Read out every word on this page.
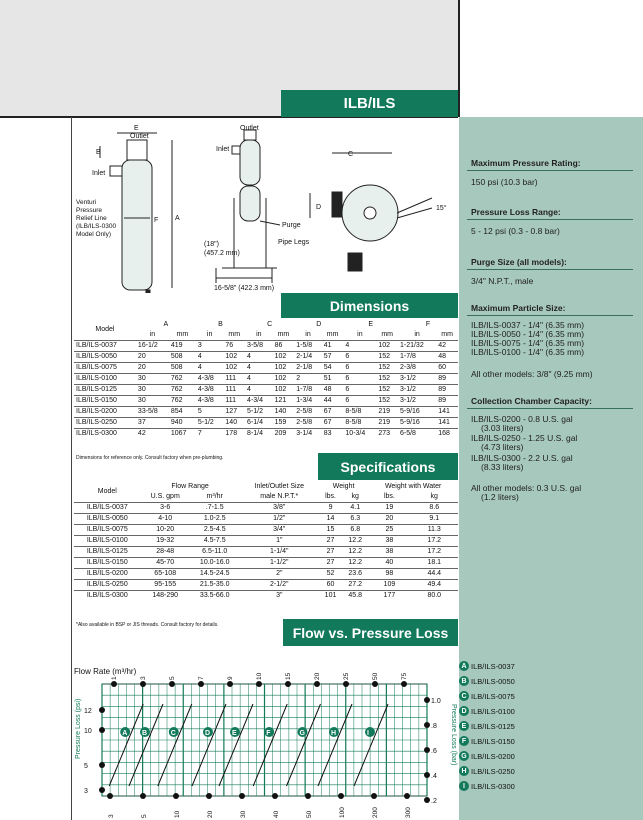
ILB/ILS
Dimensions
Specifications
Flow vs. Pressure Loss
Outlet
E
B
Inlet
Venturi
Pressure
Relief Line
(ILB/ILS-0300
Model Only)
F A
Outlet
Inlet
Purge
Pipe Legs
(18")
(457.2 mm)
16-5/8" (422.3 mm)
C
D	15°
Model	A		B		C		D		E		F	
	in	mm	in	mm	in	mm	in	mm	in	mm	in	mm
ILB/ILS-0037	16-1/2	419	3	76	3-5/8	86	1-5/8	41	4	102	1-21/32	42
ILB/ILS-0050	20	508	4	102	4	102	2-1/4	57	6	152	1-7/8	48
ILB/ILS-0075	20	508	4	102	4	102	2-1/8	54	6	152	2-3/8	60
ILB/ILS-0100	30	762	4-3/8	111	4	102	2	51	6	152	3-1/2	89
ILB/ILS-0125	30	762	4-3/8	111	4	102	1-7/8	48	6	152	3-1/2	89
ILB/ILS-0150	30	762	4-3/8	111	4-3/4	121	1-3/4	44	6	152	3-1/2	89
ILB/ILS-0200	33-5/8	854	5	127	5-1/2	140	2-5/8	67	8-5/8	219	5-9/16	141
ILB/ILS-0250	37	940	5-1/2	140	6-1/4	159	2-5/8	67	8-5/8	219	5-9/16	141
ILB/ILS-0300	42	1067	7	178	8-1/4	209	3-1/4	83	10-3/4	273	6-5/8	168
Dimensions for reference only. Consult factory when pre-plumbing.
Model	Flow Range		Inlet/Outlet Size	Weight		Weight with Water	
	U.S. gpm	m³/hr	male N.P.T.*	lbs.	kg	lbs.	kg
ILB/ILS-0037	3-6	.7-1.5	3/8"	9	4.1	19	8.6
ILB/ILS-0050	4-10	1.0-2.5	1/2"	14	6.3	20	9.1
ILB/ILS-0075	10-20	2.5-4.5	3/4"	15	6.8	25	11.3
ILB/ILS-0100	19-32	4.5-7.5	1"	27	12.2	38	17.2
ILB/ILS-0125	28-48	6.5-11.0	1-1/4"	27	12.2	38	17.2
ILB/ILS-0150	45-70	10.0-16.0	1-1/2"	27	12.2	40	18.1
ILB/ILS-0200	65-108	14.5-24.5	2"	52	23.6	98	44.4
ILB/ILS-0250	95-155	21.5-35.0	2-1/2"	60	27.2	109	49.4
ILB/ILS-0300	148-290	33.5-66.0	3"	101	45.8	177	80.0
*Also available in BSP or JIS threads. Consult factory for details.
Maximum Pressure Rating:
150 psi (10.3 bar)
Pressure Loss Range:
5 - 12 psi (0.3 - 0.8 bar)
Purge Size (all models):
3/4" N.P.T., male
Maximum Particle Size:
ILB/ILS-0037 - 1/4" (6.35 mm)
ILB/ILS-0050 - 1/4" (6.35 mm)
ILB/ILS-0075 - 1/4" (6.35 mm)
ILB/ILS-0100 - 1/4" (6.35 mm)
All other models: 3/8" (9.25 mm)
Collection Chamber Capacity:
ILB/ILS-0200 - 0.8 U.S. gal
(3.03 liters)
ILB/ILS-0250 - 1.25 U.S. gal
(4.73 liters)
ILB/ILS-0300 - 2.2 U.S. gal
(8.33 liters)
All other models: 0.3 U.S. gal
(1.2 liters)
A ILB/ILS-0037
B ILB/ILS-0050
C ILB/ILS-0075
D ILB/ILS-0100
E ILB/ILS-0125
F ILB/ILS-0150
G ILB/ILS-0200
H ILB/ILS-0250
I ILB/ILS-0300
Flow Rate (m³/hr)
A B	C	D	E	F	G	H	I
1	3	5	7	9	10	15	20	25	50	75
3	5	10	20	30	40	50	100	200	300
3
5
10
12
1.0
.8
.6
.4
.2
Pressure Loss (psi)	Pressure Loss (bar)
